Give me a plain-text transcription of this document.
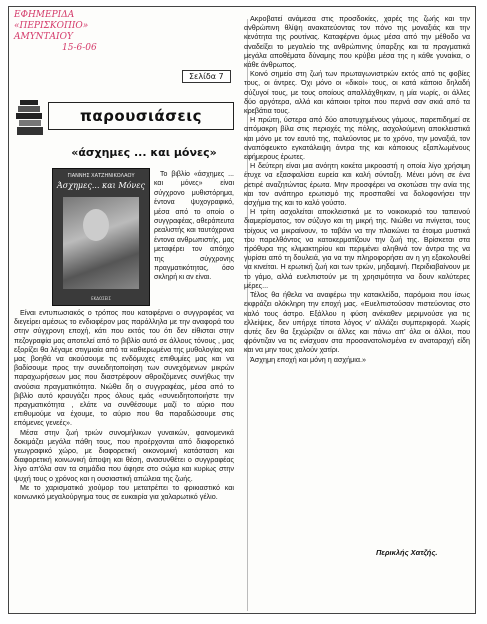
ΕΦΗΜΕΡΙΔΑ
«ΠΕΡΙΣΚΟΠΙΟ»
ΑΜΥΝΤΑΙΟΥ
15-6-06
Σελίδα 7
παρουσιάσεις
«άσχημες ... και μόνες»
ΓΙΑΝΝΗΣ ΧΑΤΖΗΝΙΚΟΛΑΟΥ
Άσχημες... και Μόνες
ΕΚΔΟΣΕΙΣ

Το βιβλίο «άσχημες ... και μόνες» είναι σύγχρονο μυθιστόρημα, έντονα ψυχογραφικό, μέσα από το οποίο ο συγγραφέας, αθεράπευτα ρεαλιστής και ταυτόχρονα έντονα ανθρωπιστής, μας μεταφέρει τον απόηχο της σύγχρονης πραγματικότητας, όσο σκληρή κι αν είναι.

Είναι εντυπωσιακός ο τρόπος που καταφέρνει ο συγγραφέας να διεγείρει αμέσως το ενδιαφέρον μας παράλληλα με την αναφορά του στην σύγχρονη εποχή, κάτι που εκτός του ότι δεν είθισται στην πεζογραφία μας αποτελεί από το βιβλίο αυτό σε άλλους τόνους , μας εξορίζει θα λέγαμε στιγμιαία από τα καθιερωμένα της μυθολογίας και μας βοηθά να ακούσουμε τις ενδόμυχες επιθυμίες μας και να βαδίσουμε προς την συνειδητοποίηση των συνεχόμενων μικρών παραχωρήσεων μας που διαστρέφουν αθροιζόμενες συνήθως την ανούσια πραγματικότητα. Νιώθει δη ο συγγραφέας, μέσα από το βιβλίο αυτό κραυγάζει προς όλους εμάς «συνειδητοποιήστε την πραγματικότητα , ελάτε να συνθέσουμε μαζί το αύριο που επιθυμούμε να έχουμε, το αύριο που θα παραδώσουμε στις επόμενες γενεές».

Μέσα στην ζωή τριών συνομήλικων γυναικών, φαινομενικά δοκιμάζει μεγάλα πάθη τους, που προέρχονται από διαφορετικό γεωγραφικό χώρο, με διαφορετική οικονομική κατάσταση και διαφορετική κοινωνική άποψη και θέση, ανασυνθέτει ο συγγραφέας λίγο απ'όλα σαν τα σημάδια που άφησε στο σώμα και κυρίως στην ψυχή τους ο χρόνος και η ουσιαστική απώλεια της ζωής.

Με το χαρισματικό χιούμορ του μετατρέπει το φρικιαστικό και κοινωνικό μεγαλούργημα τους σε ευκαιρία για χαλαρωτικό γέλιο.

Ακροβατεί ανάμεσα στις προσδοκίες, χαρές της ζωής και την ανθρώπινη θλίψη ανακατεύοντας τον πόνο της μοναξιάς και την κενότητα της ρουτίνας. Καταφέρνει όμως μέσα από την μέθοδο να αναδείξει το μεγαλείο της ανθρώπινης ύπαρξης και τα πραγματικά μεγάλα αποθέματα δύναμης που κρύβει μέσα της η κάθε γυναίκα, ο κάθε άνθρωπος.

Κοινό σημείο στη ζωή των πρωταγωνιστριών εκτός από τις φοβίες τους, οι άντρες. Όχι μόνο οι «δικοί» τους, οι κατά κάποιο δηλαδή σύζυγοί τους, με τους οποίους απαλλάχθηκαν, η μία νωρίς, οι άλλες δύο αργότερα, αλλά και κάποιοι τρίτοι που περνά σαν σκιά από τα κρεβάτια τους.

Η πρώτη, ύστερα από δύο αποτυχημένους γάμους, παρεπιδημεί σε απόμακρη βίλα στις περιοχές της πόλης, ασχολούμενη αποκλειστικά και μόνο με τον εαυτό της, παλεύοντας με το χρόνο, την μοναξιά, τον αναπόφευκτο εγκατάλειψη άντρα της και κάποιους εξαπλωμένους εφήμερους έρωτες.

Η δεύτερη είναι μια ανόητη κοκέτα μικροαστή η οποία λίγο χρήσιμη έτυχε να εξασφαλίσει ευρεία και καλή σύνταξη. Μένει μόνη σε ένα ρετιρέ αναζητώντας έρωτα. Μην προσφέρει να σκοτώσει την ανία της και τον ανάπηρο ερωτισμό της προσπαθεί να δολοφονήσει την ασχήμια της και το καλό γούστο.

Η τρίτη ασχολείται αποκλειστικά με το νοικοκυριό του ταπεινού διαμερίσματος, τον σύζυγο και τη μικρή της. Νιώθει να πνίγεται, τους τοίχους να μικραίνουν, το ταβάνι να την πλακώνει τα έτοιμα μυστικά του παρελθόντος να κατοκερματίζουν την ζωή της. Βρίσκεται στα πρόθυρα της κλιμακτηρίου και περιμένει αληθινά τον άντρα της να γυρίσει από τη δουλειά, για να την πληροφορήσει αν η γη εξακολουθεί να κινείται. Η ερωτική ζωή και των τριών, μηδαμινή. Περιδιαβαίνουν με το γάμο, αλλά ευελπιστούν με τη χρησιμότητα να δουν καλύτερες μέρες...

Τέλος θα ήθελα να αναφέρω την κατακλείδα, παρόμοια που ίσως εκφράζει ολόκληρη την εποχή μας. «Ευελπιστούσαν πιστεύοντας στο καλό τους άστρο. Εξάλλου η φύση ανέκαθεν μεριμνούσε για τις ελλείψεις, δεν υπήρχε τίποτα λόγος ν' αλλάζει συμπεριφορά. Χωρίς αυτές δεν θα ξεχώριζαν οι άλλες και πάνω απ' όλα οι άλλοι, που φρόντιζαν να τις ενίσχυαν στα προσανατολισμένα εν αναταραχή είδη και να μην τους χαλούν χατίρι.

Άσχημη εποχή και μόνη η ασχήμια.»

Περικλής Χατζής.
